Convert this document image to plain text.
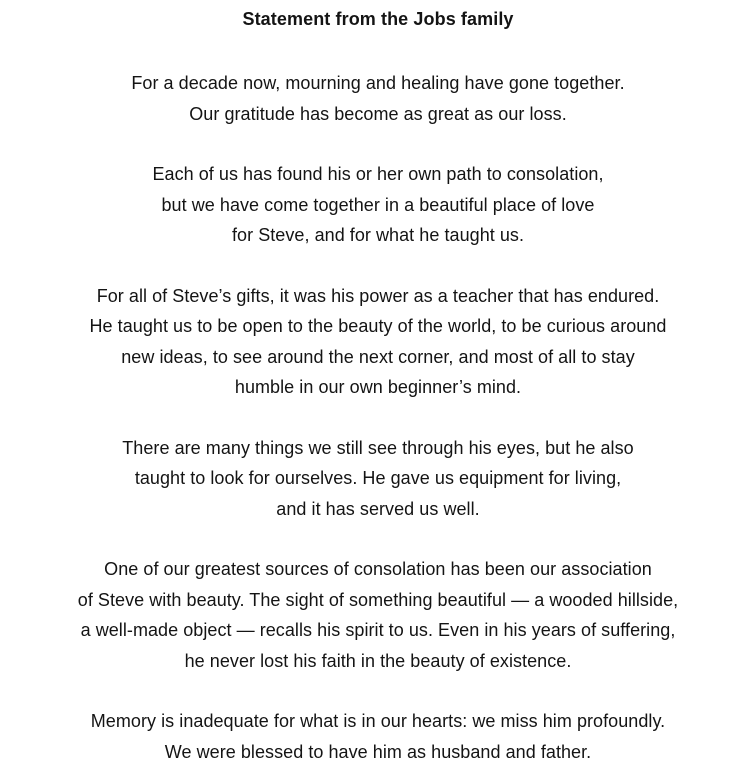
Statement from the Jobs family
For a decade now, mourning and healing have gone together.
Our gratitude has become as great as our loss.
Each of us has found his or her own path to consolation,
but we have come together in a beautiful place of love
for Steve, and for what he taught us.
For all of Steve’s gifts, it was his power as a teacher that has endured.
He taught us to be open to the beauty of the world, to be curious around
new ideas, to see around the next corner, and most of all to stay
humble in our own beginner’s mind.
There are many things we still see through his eyes, but he also
taught to look for ourselves. He gave us equipment for living,
and it has served us well.
One of our greatest sources of consolation has been our association
of Steve with beauty. The sight of something beautiful — a wooded hillside,
a well-made object — recalls his spirit to us. Even in his years of suffering,
he never lost his faith in the beauty of existence.
Memory is inadequate for what is in our hearts: we miss him profoundly.
We were blessed to have him as husband and father.
